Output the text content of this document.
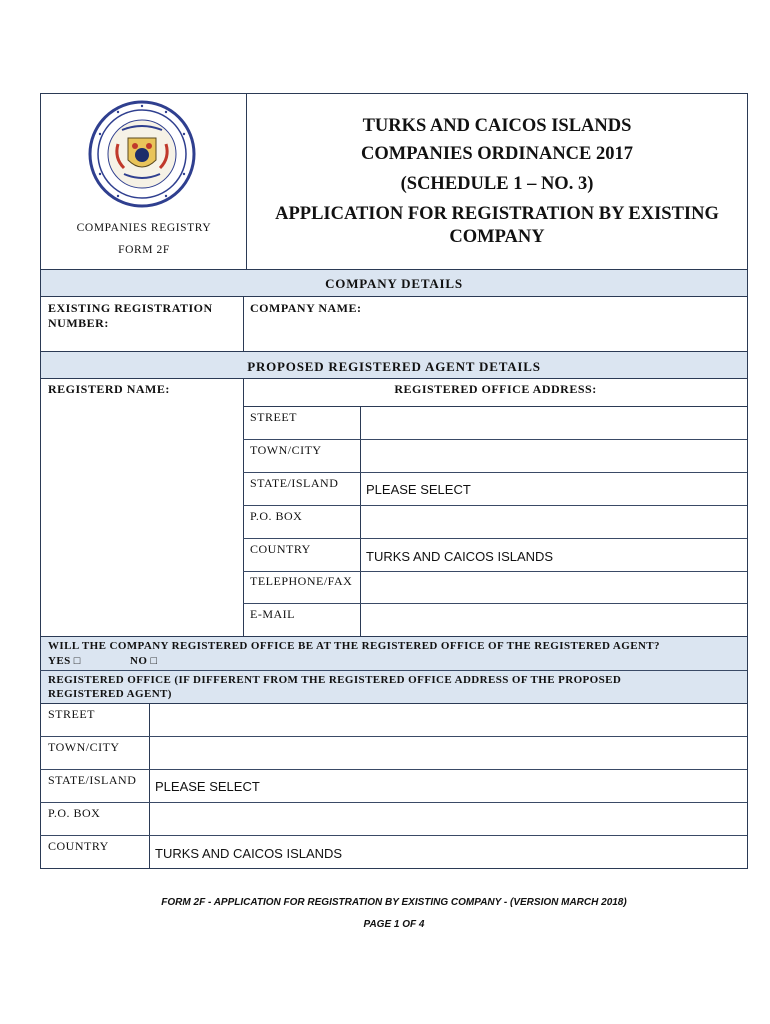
COMPANIES REGISTRY
FORM 2F
TURKS AND CAICOS ISLANDS
COMPANIES ORDINANCE 2017
(SCHEDULE 1 – NO. 3)
APPLICATION FOR REGISTRATION BY EXISTING
COMPANY
COMPANY DETAILS
EXISTING REGISTRATION
NUMBER:
COMPANY NAME:
PROPOSED REGISTERED AGENT DETAILS
REGISTERD NAME:	REGISTERED OFFICE ADDRESS:
STREET
TOWN/CITY
STATE/ISLAND PLEASE SELECT
P.O. BOX
COUNTRY	TURKS AND CAICOS ISLANDS
TELEPHONE/FAX
E-MAIL
WILL THE COMPANY REGISTERED OFFICE BE AT THE REGISTERED OFFICE OF THE REGISTERED AGENT?
YES □	NO □
REGISTERED OFFICE (IF DIFFERENT FROM THE REGISTERED OFFICE ADDRESS OF THE PROPOSED
REGISTERED AGENT)
STREET
TOWN/CITY
STATE/ISLAND PLEASE SELECT
P.O. BOX
COUNTRY	TURKS AND CAICOS ISLANDS
FORM 2F - APPLICATION FOR REGISTRATION BY EXISTING COMPANY - (VERSION MARCH 2018)
PAGE 1 OF 4
